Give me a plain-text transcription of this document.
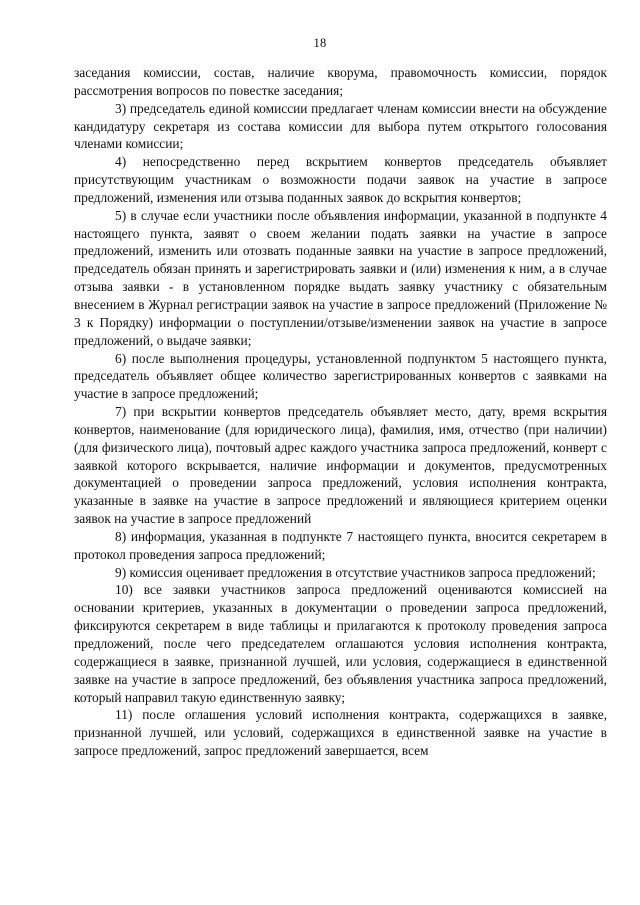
18

заседания комиссии, состав, наличие кворума, правомочность комиссии, порядок рассмотрения вопросов по повестке заседания;

3) председатель единой комиссии предлагает членам комиссии внести на обсуждение кандидатуру секретаря из состава комиссии для выбора путем открытого голосования членами комиссии;

4) непосредственно перед вскрытием конвертов председатель объявляет присутствующим участникам о возможности подачи заявок на участие в запросе предложений, изменения или отзыва поданных заявок до вскрытия конвертов;

5) в случае если участники после объявления информации, указанной в подпункте 4 настоящего пункта, заявят о своем желании подать заявки на участие в запросе предложений, изменить или отозвать поданные заявки на участие в запросе предложений, председатель обязан принять и зарегистрировать заявки и (или) изменения к ним, а в случае отзыва заявки - в установленном порядке выдать заявку участнику с обязательным внесением в Журнал регистрации заявок на участие в запросе предложений (Приложение № 3 к Порядку) информации о поступлении/отзыве/изменении заявок на участие в запросе предложений, о выдаче заявки;

6) после выполнения процедуры, установленной подпунктом 5 настоящего пункта, председатель объявляет общее количество зарегистрированных конвертов с заявками на участие в запросе предложений;

7) при вскрытии конвертов председатель объявляет место, дату, время вскрытия конвертов, наименование (для юридического лица), фамилия, имя, отчество (при наличии) (для физического лица), почтовый адрес каждого участника запроса предложений, конверт с заявкой которого вскрывается, наличие информации и документов, предусмотренных документацией о проведении запроса предложений, условия исполнения контракта, указанные в заявке на участие в запросе предложений и являющиеся критерием оценки заявок на участие в запросе предложений

8) информация, указанная в подпункте 7 настоящего пункта, вносится секретарем в протокол проведения запроса предложений;

9) комиссия оценивает предложения в отсутствие участников запроса предложений;

10) все заявки участников запроса предложений оцениваются комиссией на основании критериев, указанных в документации о проведении запроса предложений, фиксируются секретарем в виде таблицы и прилагаются к протоколу проведения запроса предложений, после чего председателем оглашаются условия исполнения контракта, содержащиеся в заявке, признанной лучшей, или условия, содержащиеся в единственной заявке на участие в запросе предложений, без объявления участника запроса предложений, который направил такую единственную заявку;

11) после оглашения условий исполнения контракта, содержащихся в заявке, признанной лучшей, или условий, содержащихся в единственной заявке на участие в запросе предложений, запрос предложений завершается, всем
